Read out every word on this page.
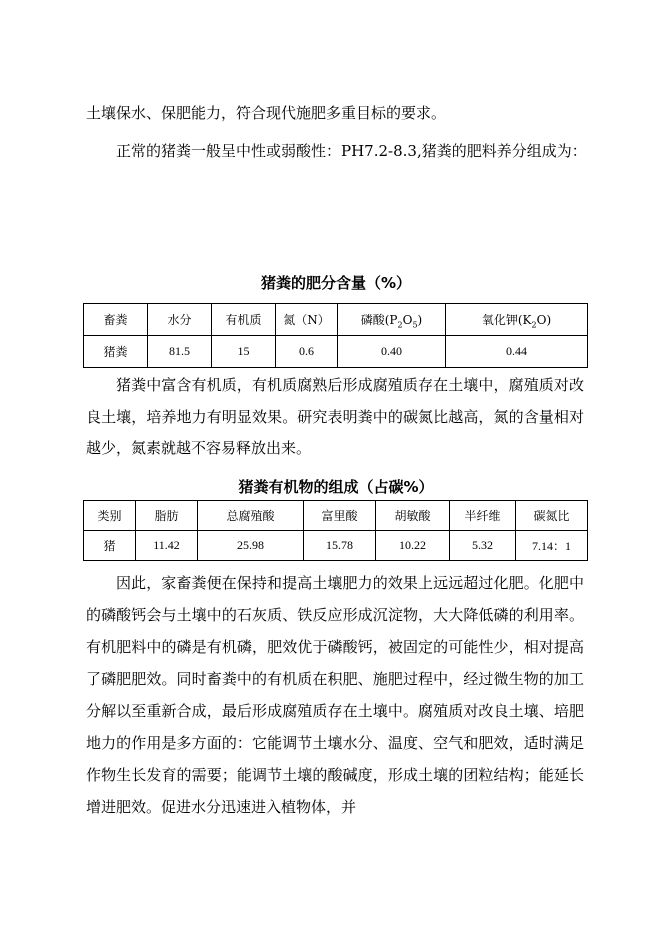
土壤保水、保肥能力，符合现代施肥多重目标的要求。

正常的猪粪一般呈中性或弱酸性：PH7.2-8.3,猪粪的肥料养分组成为：

猪粪的肥分含量（%）

畜粪	水分	有机质	氮（N）	磷酸$(P_2O_5)$	氧化钾$(K_2O)$
猪粪	81.5	15	0.6	0.40	0.44

猪粪中富含有机质，有机质腐熟后形成腐殖质存在土壤中，腐殖质对改良土壤，培养地力有明显效果。研究表明粪中的碳氮比越高，氮的含量相对越少，氮素就越不容易释放出来。

猪粪有机物的组成（占碳%）

类别	脂肪	总腐殖酸	富里酸	胡敏酸	半纤维	碳氮比
猪	11.42	25.98	15.78	10.22	5.32	7.14：1

因此，家畜粪便在保持和提高土壤肥力的效果上远远超过化肥。化肥中的磷酸钙会与土壤中的石灰质、铁反应形成沉淀物，大大降低磷的利用率。有机肥料中的磷是有机磷，肥效优于磷酸钙，被固定的可能性少，相对提高了磷肥肥效。同时畜粪中的有机质在积肥、施肥过程中，经过微生物的加工分解以至重新合成，最后形成腐殖质存在土壤中。腐殖质对改良土壤、培肥地力的作用是多方面的：它能调节土壤水分、温度、空气和肥效，适时满足作物生长发育的需要；能调节土壤的酸碱度，形成土壤的团粒结构；能延长增进肥效。促进水分迅速进入植物体，并
